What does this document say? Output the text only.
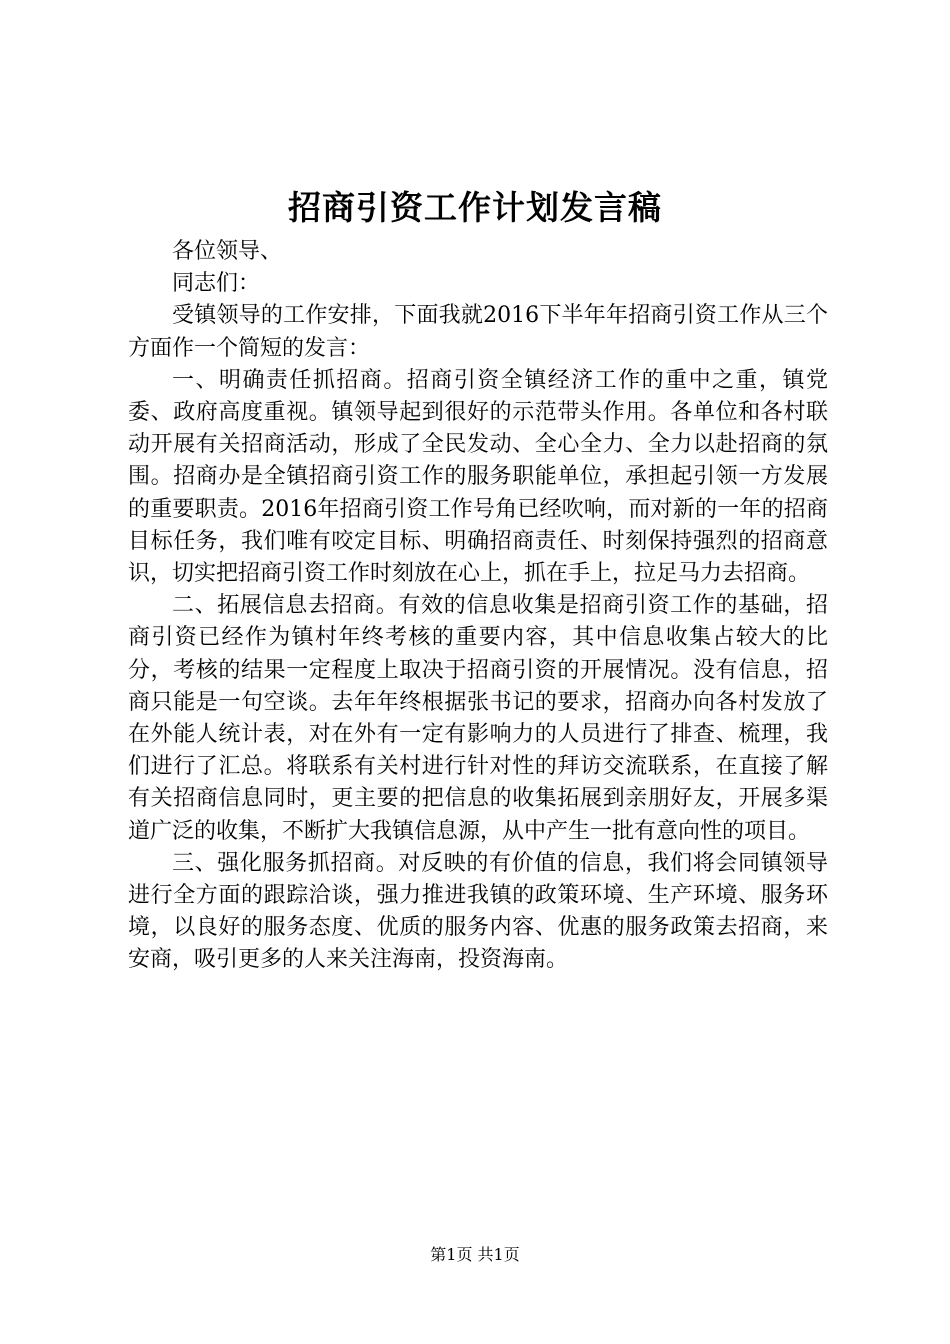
招商引资工作计划发言稿

各位领导、

同志们：

受镇领导的工作安排，下面我就2016下半年年招商引资工作从三个方面作一个简短的发言：

一、明确责任抓招商。招商引资全镇经济工作的重中之重，镇党委、政府高度重视。镇领导起到很好的示范带头作用。各单位和各村联动开展有关招商活动，形成了全民发动、全心全力、全力以赴招商的氛围。招商办是全镇招商引资工作的服务职能单位，承担起引领一方发展的重要职责。2016年招商引资工作号角已经吹响，而对新的一年的招商目标任务，我们唯有咬定目标、明确招商责任、时刻保持强烈的招商意识，切实把招商引资工作时刻放在心上，抓在手上，拉足马力去招商。

二、拓展信息去招商。有效的信息收集是招商引资工作的基础，招商引资已经作为镇村年终考核的重要内容，其中信息收集占较大的比分，考核的结果一定程度上取决于招商引资的开展情况。没有信息，招商只能是一句空谈。去年年终根据张书记的要求，招商办向各村发放了在外能人统计表，对在外有一定有影响力的人员进行了排查、梳理，我们进行了汇总。将联系有关村进行针对性的拜访交流联系，在直接了解有关招商信息同时，更主要的把信息的收集拓展到亲朋好友，开展多渠道广泛的收集，不断扩大我镇信息源，从中产生一批有意向性的项目。

三、强化服务抓招商。对反映的有价值的信息，我们将会同镇领导进行全方面的跟踪洽谈，强力推进我镇的政策环境、生产环境、服务环境，以良好的服务态度、优质的服务内容、优惠的服务政策去招商，来安商，吸引更多的人来关注海南，投资海南。

第1页 共1页
